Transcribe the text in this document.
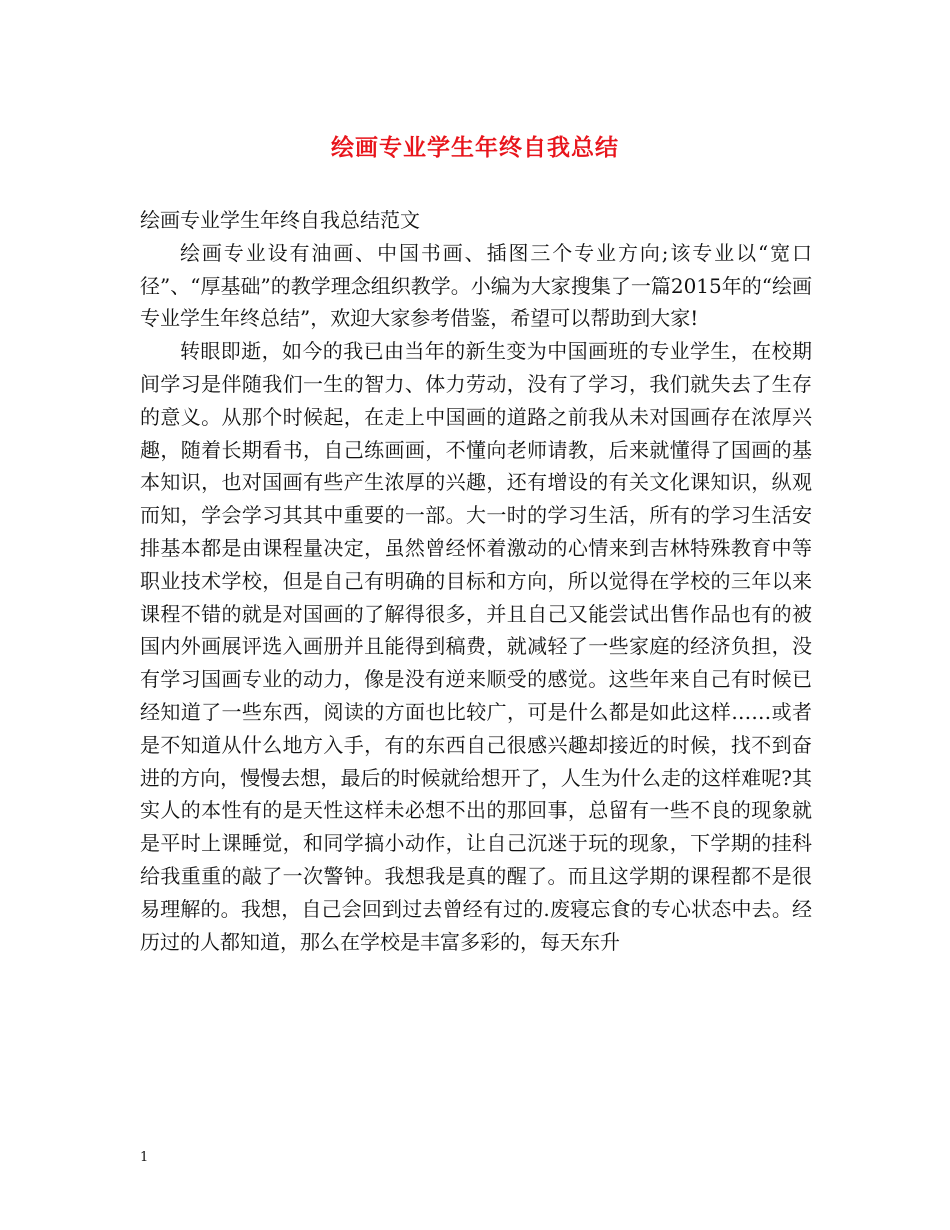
绘画专业学生年终自我总结

绘画专业学生年终自我总结范文

绘画专业设有油画、中国书画、插图三个专业方向;该专业以“宽口径”、“厚基础”的教学理念组织教学。小编为大家搜集了一篇2015年的“绘画专业学生年终总结”，欢迎大家参考借鉴，希望可以帮助到大家!

转眼即逝，如今的我已由当年的新生变为中国画班的专业学生，在校期间学习是伴随我们一生的智力、体力劳动，没有了学习，我们就失去了生存的意义。从那个时候起，在走上中国画的道路之前我从未对国画存在浓厚兴趣，随着长期看书，自己练画画，不懂向老师请教，后来就懂得了国画的基本知识，也对国画有些产生浓厚的兴趣，还有增设的有关文化课知识，纵观而知，学会学习其其中重要的一部。大一时的学习生活，所有的学习生活安排基本都是由课程量决定，虽然曾经怀着激动的心情来到吉林特殊教育中等职业技术学校，但是自己有明确的目标和方向，所以觉得在学校的三年以来课程不错的就是对国画的了解得很多，并且自己又能尝试出售作品也有的被国内外画展评选入画册并且能得到稿费，就减轻了一些家庭的经济负担，没有学习国画专业的动力，像是没有逆来顺受的感觉。这些年来自己有时候已经知道了一些东西，阅读的方面也比较广，可是什么都是如此这样……或者是不知道从什么地方入手，有的东西自己很感兴趣却接近的时候，找不到奋进的方向，慢慢去想，最后的时候就给想开了，人生为什么走的这样难呢?其实人的本性有的是天性这样未必想不出的那回事，总留有一些不良的现象就是平时上课睡觉，和同学搞小动作，让自己沉迷于玩的现象，下学期的挂科给我重重的敲了一次警钟。我想我是真的醒了。而且这学期的课程都不是很易理解的。我想，自己会回到过去曾经有过的.废寝忘食的专心状态中去。经历过的人都知道，那么在学校是丰富多彩的，每天东升

1
